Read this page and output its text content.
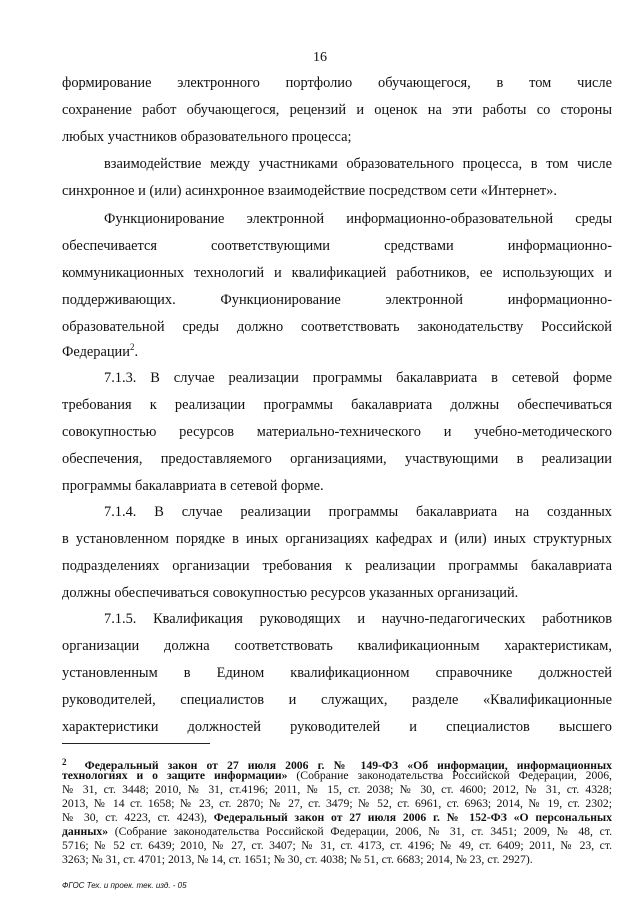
16
формирование электронного портфолио обучающегося, в том числе
сохранение работ обучающегося, рецензий и оценок на эти работы со стороны
любых участников образовательного процесса;
взаимодействие между участниками образовательного процесса, в том числе
синхронное и (или) асинхронное взаимодействие посредством сети «Интернет».
Функционирование электронной информационно-образовательной среды
обеспечивается соответствующими средствами информационно-
коммуникационных технологий и квалификацией работников, ее использующих и
поддерживающих. Функционирование электронной информационно-
образовательной среды должно соответствовать законодательству Российской
Федерации$^2$.
7.1.3. В случае реализации программы бакалавриата в сетевой форме
требования к реализации программы бакалавриата должны обеспечиваться
совокупностью ресурсов материально-технического и учебно-методического
обеспечения, предоставляемого организациями, участвующими в реализации
программы бакалавриата в сетевой форме.
7.1.4. В случае реализации программы бакалавриата на созданных
в установленном порядке в иных организациях кафедрах и (или) иных структурных
подразделениях организации требования к реализации программы бакалавриата
должны обеспечиваться совокупностью ресурсов указанных организаций.
7.1.5. Квалификация руководящих и научно-педагогических работников
организации должна соответствовать квалификационным характеристикам,
установленным в Едином квалификационном справочнике должностей
руководителей, специалистов и служащих, разделе «Квалификационные
характеристики должностей руководителей и специалистов высшего
$^2$ Федеральный закон от 27 июля 2006 г. № 149-ФЗ «Об информации, информационных
технологиях и о защите информации» (Собрание законодательства Российской Федерации, 2006,
№ 31, ст. 3448; 2010, № 31, ст.4196; 2011, № 15, ст. 2038; № 30, ст. 4600; 2012, № 31, ст. 4328;
2013, № 14 ст. 1658; № 23, ст. 2870; № 27, ст. 3479; № 52, ст. 6961, ст. 6963; 2014, № 19, ст. 2302;
№ 30, ст. 4223, ст. 4243), Федеральный закон от 27 июля 2006 г. № 152-ФЗ «О персональных
данных» (Собрание законодательства Российской Федерации, 2006, № 31, ст. 3451; 2009, № 48, ст.
5716; № 52 ст. 6439; 2010, № 27, ст. 3407; № 31, ст. 4173, ст. 4196; № 49, ст. 6409; 2011, № 23, ст.
3263; № 31, ст. 4701; 2013, № 14, ст. 1651; № 30, ст. 4038; № 51, ст. 6683; 2014, № 23, ст. 2927).
ФГОС Тех. и проек. тек. изд. - 05
